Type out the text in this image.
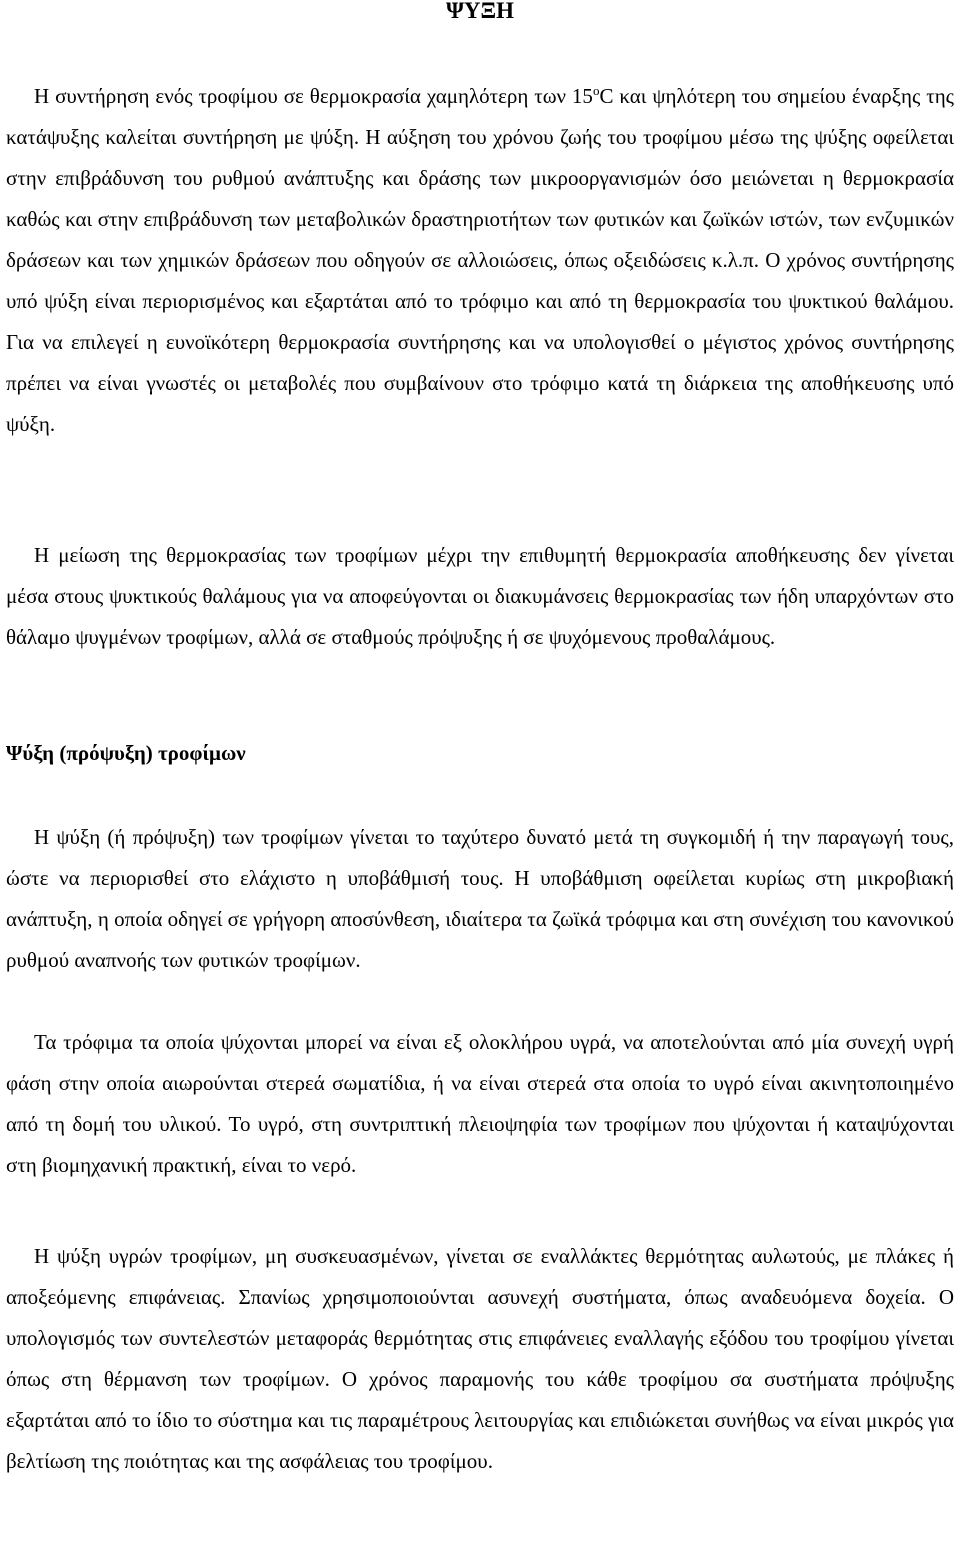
ΨΥΞΗ

Η συντήρηση ενός τροφίμου σε θερμοκρασία χαμηλότερη των $15^oC$ και ψηλότερη του σημείου έναρξης της κατάψυξης καλείται συντήρηση με ψύξη. Η αύξηση του χρόνου ζωής του τροφίμου μέσω της ψύξης οφείλεται στην επιβράδυνση του ρυθμού ανάπτυξης και δράσης των μικροοργανισμών όσο μειώνεται η θερμοκρασία καθώς και στην επιβράδυνση των μεταβολικών δραστηριοτήτων των φυτικών και ζωϊκών ιστών, των ενζυμικών δράσεων και των χημικών δράσεων που οδηγούν σε αλλοιώσεις, όπως οξειδώσεις κ.λ.π. Ο χρόνος συντήρησης υπό ψύξη είναι περιορισμένος και εξαρτάται από το τρόφιμο και από τη θερμοκρασία του ψυκτικού θαλάμου. Για να επιλεγεί η ευνοϊκότερη θερμοκρασία συντήρησης και να υπολογισθεί ο μέγιστος χρόνος συντήρησης πρέπει να είναι γνωστές οι μεταβολές που συμβαίνουν στο τρόφιμο κατά τη διάρκεια της αποθήκευσης υπό ψύξη.

Η μείωση της θερμοκρασίας των τροφίμων μέχρι την επιθυμητή θερμοκρασία αποθήκευσης δεν γίνεται μέσα στους ψυκτικούς θαλάμους για να αποφεύγονται οι διακυμάνσεις θερμοκρασίας των ήδη υπαρχόντων στο θάλαμο ψυγμένων τροφίμων, αλλά σε σταθμούς πρόψυξης ή σε ψυχόμενους προθαλάμους.

Ψύξη (πρόψυξη) τροφίμων

Η ψύξη (ή πρόψυξη) των τροφίμων γίνεται το ταχύτερο δυνατό μετά τη συγκομιδή ή την παραγωγή τους, ώστε να περιορισθεί στο ελάχιστο η υποβάθμισή τους. Η υποβάθμιση οφείλεται κυρίως στη μικροβιακή ανάπτυξη, η οποία οδηγεί σε γρήγορη αποσύνθεση, ιδιαίτερα τα ζωϊκά τρόφιμα και στη συνέχιση του κανονικού ρυθμού αναπνοής των φυτικών τροφίμων.

Τα τρόφιμα τα οποία ψύχονται μπορεί να είναι εξ ολοκλήρου υγρά, να αποτελούνται από μία συνεχή υγρή φάση στην οποία αιωρούνται στερεά σωματίδια, ή να είναι στερεά στα οποία το υγρό είναι ακινητοποιημένο από τη δομή του υλικού. Το υγρό, στη συντριπτική πλειοψηφία των τροφίμων που ψύχονται ή καταψύχονται στη βιομηχανική πρακτική, είναι το νερό.

Η ψύξη υγρών τροφίμων, μη συσκευασμένων, γίνεται σε εναλλάκτες θερμότητας αυλωτούς, με πλάκες ή αποξεόμενης επιφάνειας. Σπανίως χρησιμοποιούνται ασυνεχή συστήματα, όπως αναδευόμενα δοχεία. Ο υπολογισμός των συντελεστών μεταφοράς θερμότητας στις επιφάνειες εναλλαγής εξόδου του τροφίμου γίνεται όπως στη θέρμανση των τροφίμων. Ο χρόνος παραμονής του κάθε τροφίμου σα συστήματα πρόψυξης εξαρτάται από το ίδιο το σύστημα και τις παραμέτρους λειτουργίας και επιδιώκεται συνήθως να είναι μικρός για βελτίωση της ποιότητας και της ασφάλειας του τροφίμου.
